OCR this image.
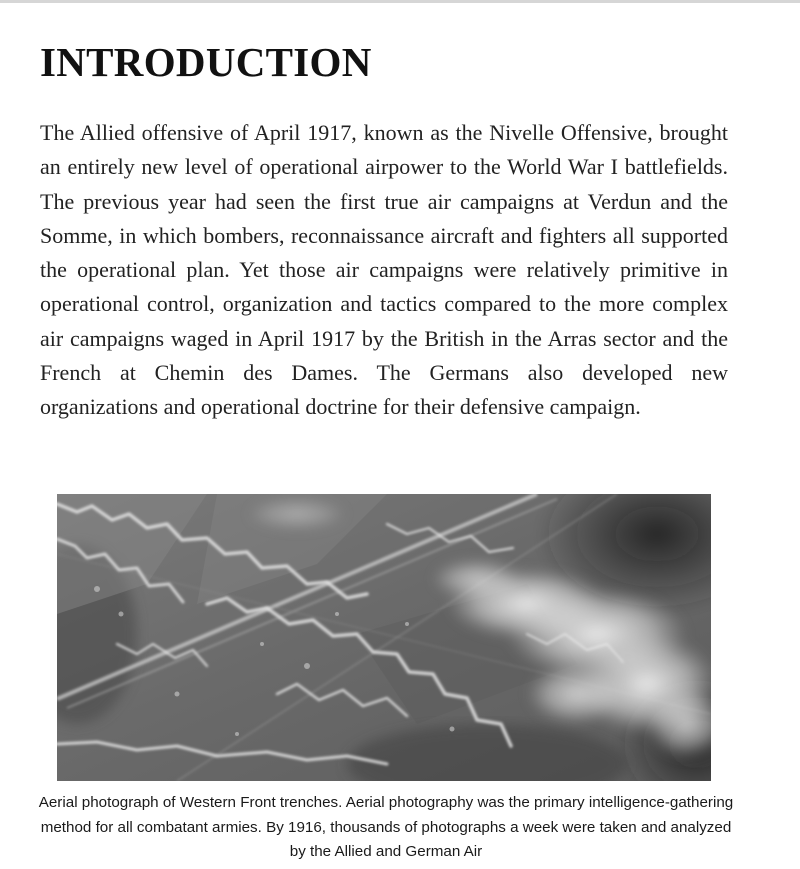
INTRODUCTION

The Allied offensive of April 1917, known as the Nivelle Offensive, brought an entirely new level of operational airpower to the World War I battlefields. The previous year had seen the first true air campaigns at Verdun and the Somme, in which bombers, reconnaissance aircraft and fighters all supported the operational plan. Yet those air campaigns were relatively primitive in operational control, organization and tactics compared to the more complex air campaigns waged in April 1917 by the British in the Arras sector and the French at Chemin des Dames. The Germans also developed new organizations and operational doctrine for their defensive campaign.

Aerial photograph of Western Front trenches. Aerial photography was the primary intelligence-gathering method for all combatant armies. By 1916, thousands of photographs a week were taken and analyzed by the Allied and German Air
